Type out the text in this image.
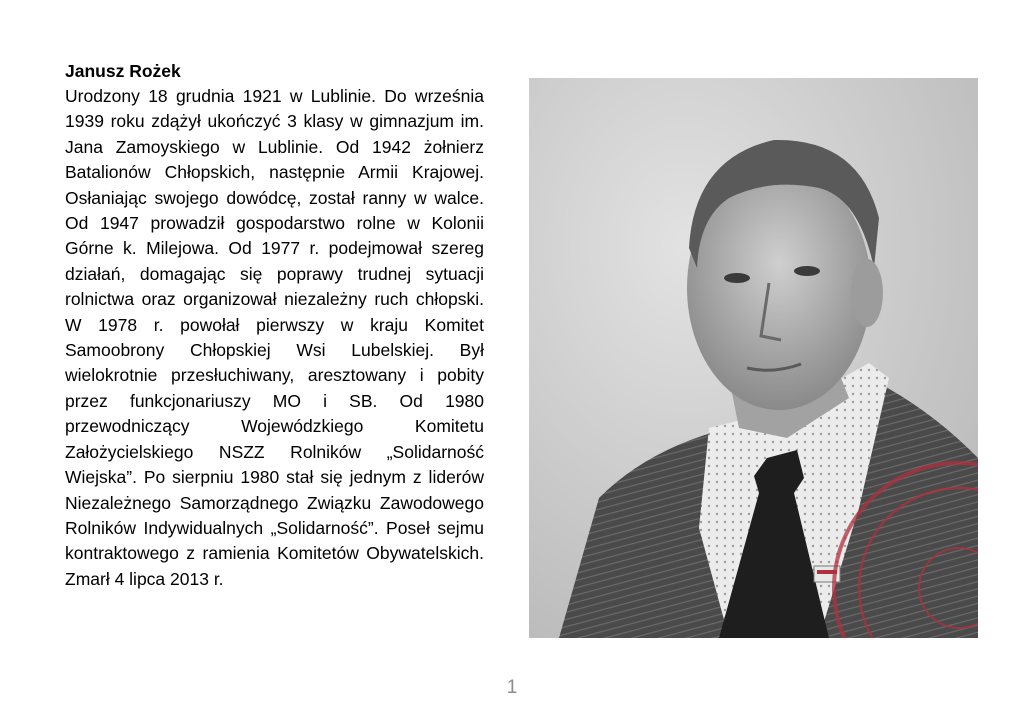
Janusz Rożek

Urodzony 18 grudnia 1921 w Lublinie. Do września 1939 roku zdążył ukończyć 3 klasy w gimnazjum im. Jana Zamoyskiego w Lublinie. Od 1942 żołnierz Batalionów Chłopskich, następnie Armii Krajowej. Osłaniając swojego dowódcę, został ranny w walce. Od 1947 prowadził gospodarstwo rolne w Kolonii Górne k. Milejowa. Od 1977 r. podejmował szereg działań, domagając się poprawy trudnej sytuacji rolnictwa oraz organizował niezależny ruch chłopski. W 1978 r. powołał pierwszy w kraju Komitet Samoobrony Chłopskiej Wsi Lubelskiej. Był wielokrotnie przesłuchiwany, aresztowany i pobity przez funkcjonariuszy MO i SB. Od 1980 przewodniczący Wojewódzkiego Komitetu Założycielskiego NSZZ Rolników „Solidarność Wiejska”. Po sierpniu 1980 stał się jednym z liderów Niezależnego Samorządnego Związku Zawodowego Rolników Indywidualnych „Solidarność”. Poseł sejmu kontraktowego z ramienia Komitetów Obywatelskich. Zmarł 4 lipca 2013 r.

1
